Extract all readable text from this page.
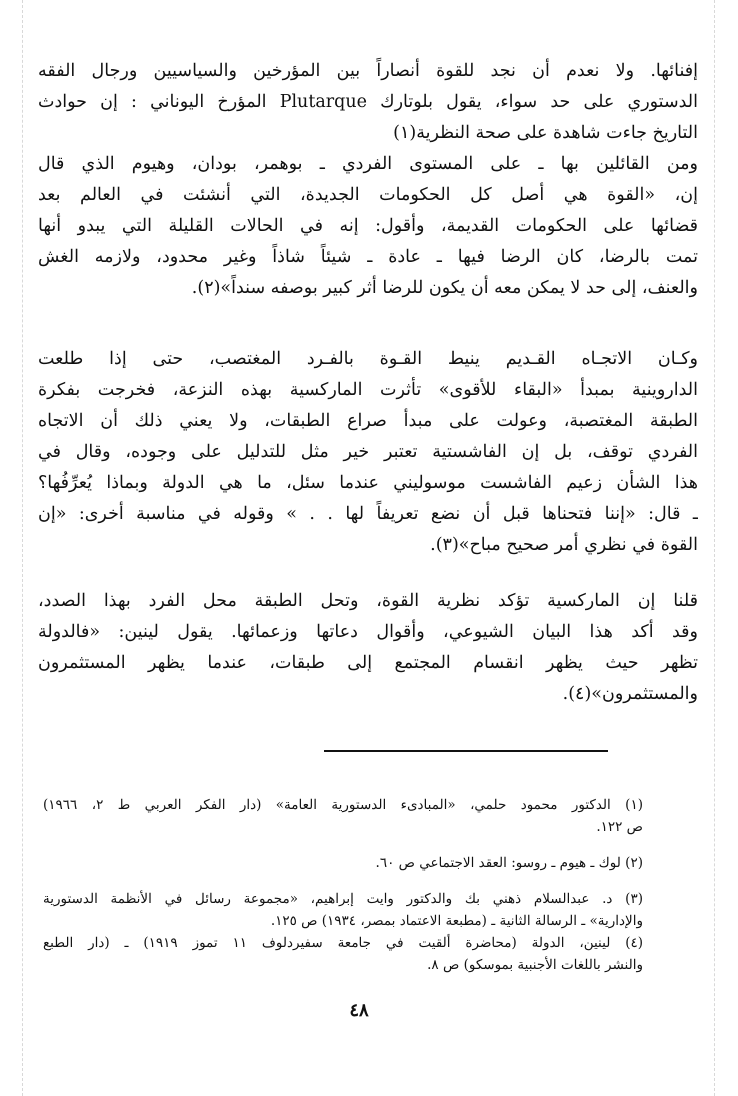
إفنائها. ولا نعدم أن نجد للقوة أنصاراً بين المؤرخين والسياسيين ورجال الفقه
الدستوري على حد سواء، يقول بلوتارك Plutarque المؤرخ اليوناني : إن حوادث
التاريخ جاءت شاهدة على صحة النظرية(١)
ومن القائلين بها ـ على المستوى الفردي ـ بوهمر، بودان، وهيوم الذي قال
إن، «القوة هي أصل كل الحكومات الجديدة، التي أنشئت في العالم بعد
قضائها على الحكومات القديمة، وأقول: إنه في الحالات القليلة التي يبدو أنها
تمت بالرضا، كان الرضا فيها ـ عادة ـ شيئاً شاذاً وغير محدود، ولازمه الغش
والعنف، إلى حد لا يمكن معه أن يكون للرضا أثر كبير بوصفه سنداً»(٢).
وكـان الاتجـاه القـديم ينيط القـوة بالفـرد المغتصب، حتى إذا طلعت
الداروينية بمبدأ «البقاء للأقوى» تأثرت الماركسية بهذه النزعة، فخرجت بفكرة
الطبقة المغتصبة، وعولت على مبدأ صراع الطبقات، ولا يعني ذلك أن الاتجاه
الفردي توقف، بل إن الفاشستية تعتبر خير مثل للتدليل على وجوده، وقال في
هذا الشأن زعيم الفاشست موسوليني عندما سئل، ما هي الدولة وبماذا يُعرِّفُها؟
ـ قال: «إننا فتحناها قبل أن نضع تعريفاً لها . . » وقوله في مناسبة أخرى: «إن
القوة في نظري أمر صحيح مباح»(٣).
قلنا إن الماركسية تؤكد نظرية القوة، وتحل الطبقة محل الفرد بهذا الصدد،
وقد أكد هذا البيان الشيوعي، وأقوال دعاتها وزعمائها. يقول لينين: «فالدولة
تظهر حيث يظهر انقسام المجتمع إلى طبقات، عندما يظهر المستثمرون
والمستثمرون»(٤).
(١) الدكتور محمود حلمي، «المبادىء الدستورية العامة» (دار الفكر العربي ط ٢، ١٩٦٦)
ص ١٢٢.
(٢) لوك ـ هيوم ـ روسو: العقد الاجتماعي ص ٦٠.
(٣) د. عبدالسلام ذهني بك والدكتور وايت إبراهيم، «مجموعة رسائل في الأنظمة الدستورية
والإدارية» ـ الرسالة الثانية ـ (مطبعة الاعتماد بمصر، ١٩٣٤) ص ١٢٥.
(٤) لينين، الدولة (محاضرة ألقيت في جامعة سفيردلوف ١١ تموز ١٩١٩) ـ (دار الطبع
والنشر باللغات الأجنبية بموسكو) ص ٨.
٤٨
